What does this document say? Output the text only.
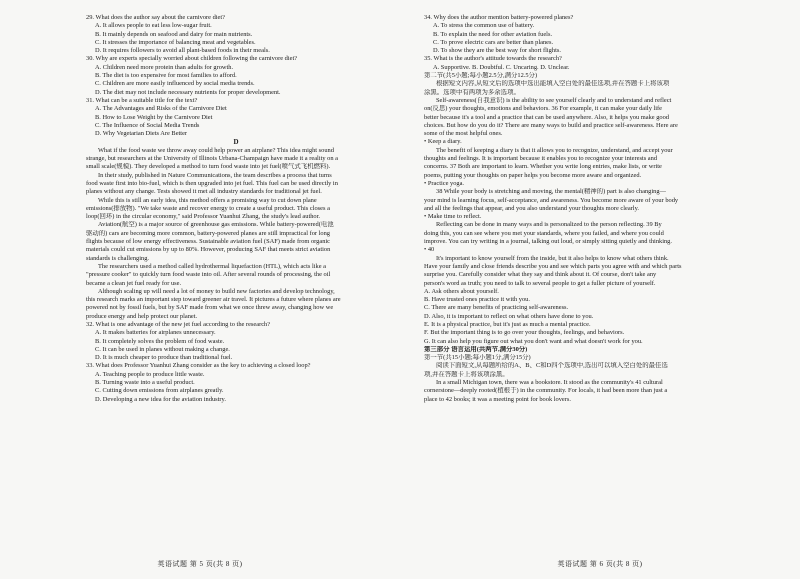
29. What does the author say about the carnivore diet?
A. It allows people to eat less low-sugar fruit.
B. It mainly depends on seafood and dairy for main nutrients.
C. It stresses the importance of balancing meat and vegetables.
D. It requires followers to avoid all plant-based foods in their meals.
30. Why are experts specially worried about children following the carnivore diet?
A. Children need more protein than adults for growth.
B. The diet is too expensive for most families to afford.
C. Children are more easily influenced by social media trends.
D. The diet may not include necessary nutrients for proper development.
31. What can be a suitable title for the text?
A. The Advantages and Risks of the Carnivore Diet
B. How to Lose Weight by the Carnivore Diet
C. The Influence of Social Media Trends
D. Why Vegetarian Diets Are Better
D
What if the food waste we throw away could help power an airplane? This idea might sound
strange, but researchers at the University of Illinois Urbana-Champaign have made it a reality on a
small scale(规模). They developed a method to turn food waste into jet fuel(喷气式飞机燃料).
In their study, published in Nature Communications, the team describes a process that turns
food waste first into bio-fuel, which is then upgraded into jet fuel. This fuel can be used directly in
planes without any change. Tests showed it met all industry standards for traditional jet fuel.
While this is still an early idea, this method offers a promising way to cut down plane
emissions(排放物). "We take waste and recover energy to create a useful product. This closes a
loop(回环) in the circular economy," said Professor Yuanhui Zhang, the study's lead author.
Aviation(航空) is a major source of greenhouse gas emissions. While battery-powered(电池
驱动的) cars are becoming more common, battery-powered planes are still impractical for long
flights because of low energy effectiveness. Sustainable aviation fuel (SAF) made from organic
materials could cut emissions by up to 80%. However, producing SAF that meets strict aviation
standards is challenging.
The researchers used a method called hydrothermal liquefaction (HTL), which acts like a
"pressure cooker" to quickly turn food waste into oil. After several rounds of processing, the oil
became a clean jet fuel ready for use.
Although scaling up will need a lot of money to build new factories and develop technology,
this research marks an important step toward greener air travel. It pictures a future where planes are
powered not by fossil fuels, but by SAF made from what we once threw away, changing how we
produce energy and help protect our planet.
32. What is one advantage of the new jet fuel according to the research?
A. It makes batteries for airplanes unnecessary.
B. It completely solves the problem of food waste.
C. It can be used in planes without making a change.
D. It is much cheaper to produce than traditional fuel.
33. What does Professor Yuanhui Zhang consider as the key to achieving a closed loop?
A. Teaching people to produce little waste.
B. Turning waste into a useful product.
C. Cutting down emissions from airplanes greatly.
D. Developing a new idea for the aviation industry.
英语试题 第 5 页(共 8 页)
34. Why does the author mention battery-powered planes?
A. To stress the common use of battery.
B. To explain the need for other aviation fuels.
C. To prove electric cars are better than planes.
D. To show they are the best way for short flights.
35. What is the author's attitude towards the research?
A. Supportive. B. Doubtful. C. Uncaring. D. Unclear.
第二节(共5小题;每小题2.5分,满分12.5分)
根据短文内容,从短文后的选项中选出能填入空白处的最佳选项,并在答题卡上将该项
涂黑。选项中有两项为多余选项。
Self-awareness(自我意识) is the ability to see yourself clearly and to understand and reflect
on(反思) your thoughts, emotions and behaviors. 36 For example, it can make your daily life
better because it's a tool and a practice that can be used anywhere. Also, it helps you make good
choices. But how do you do it? There are many ways to build and practice self-awareness. Here are
some of the most helpful ones.
• Keep a diary.
The benefit of keeping a diary is that it allows you to recognize, understand, and accept your
thoughts and feelings. It is important because it enables you to recognize your interests and
concerns. 37 Both are important to learn. Whether you write long entries, make lists, or write
poems, putting your thoughts on paper helps you become more aware and organized.
• Practice yoga.
38 While your body is stretching and moving, the mental(精神的) part is also changing—
your mind is learning focus, self-acceptance, and awareness. You become more aware of your body
and all the feelings that appear, and you also understand your thoughts more clearly.
• Make time to reflect.
Reflecting can be done in many ways and is personalized to the person reflecting. 39 By
doing this, you can see where you met your standards, where you failed, and where you could
improve. You can try writing in a journal, talking out loud, or simply sitting quietly and thinking.
• 40
It's important to know yourself from the inside, but it also helps to know what others think.
Have your family and close friends describe you and see which parts you agree with and which parts
surprise you. Carefully consider what they say and think about it. Of course, don't take any
person's word as truth; you need to talk to several people to get a fuller picture of yourself.
A. Ask others about yourself.
B. Have trusted ones practice it with you.
C. There are many benefits of practicing self-awareness.
D. Also, it is important to reflect on what others have done to you.
E. It is a physical practice, but it's just as much a mental practice.
F. But the important thing is to go over your thoughts, feelings, and behaviors.
G. It can also help you figure out what you don't want and what doesn't work for you.
第三部分 语言运用(共两节,满分30分)
第一节(共15小题;每小题1分,满分15分)
阅读下面短文,从每题所给的A、B、C和D四个选项中,选出可以填入空白处的最佳选
项,并在答题卡上将该项涂黑。
In a small Michigan town, there was a bookstore. It stood as the community's 41 cultural
cornerstone—deeply rooted(植根于) in the community. For locals, it had been more than just a
place to 42 books; it was a meeting point for book lovers.
英语试题 第 6 页(共 8 页)
